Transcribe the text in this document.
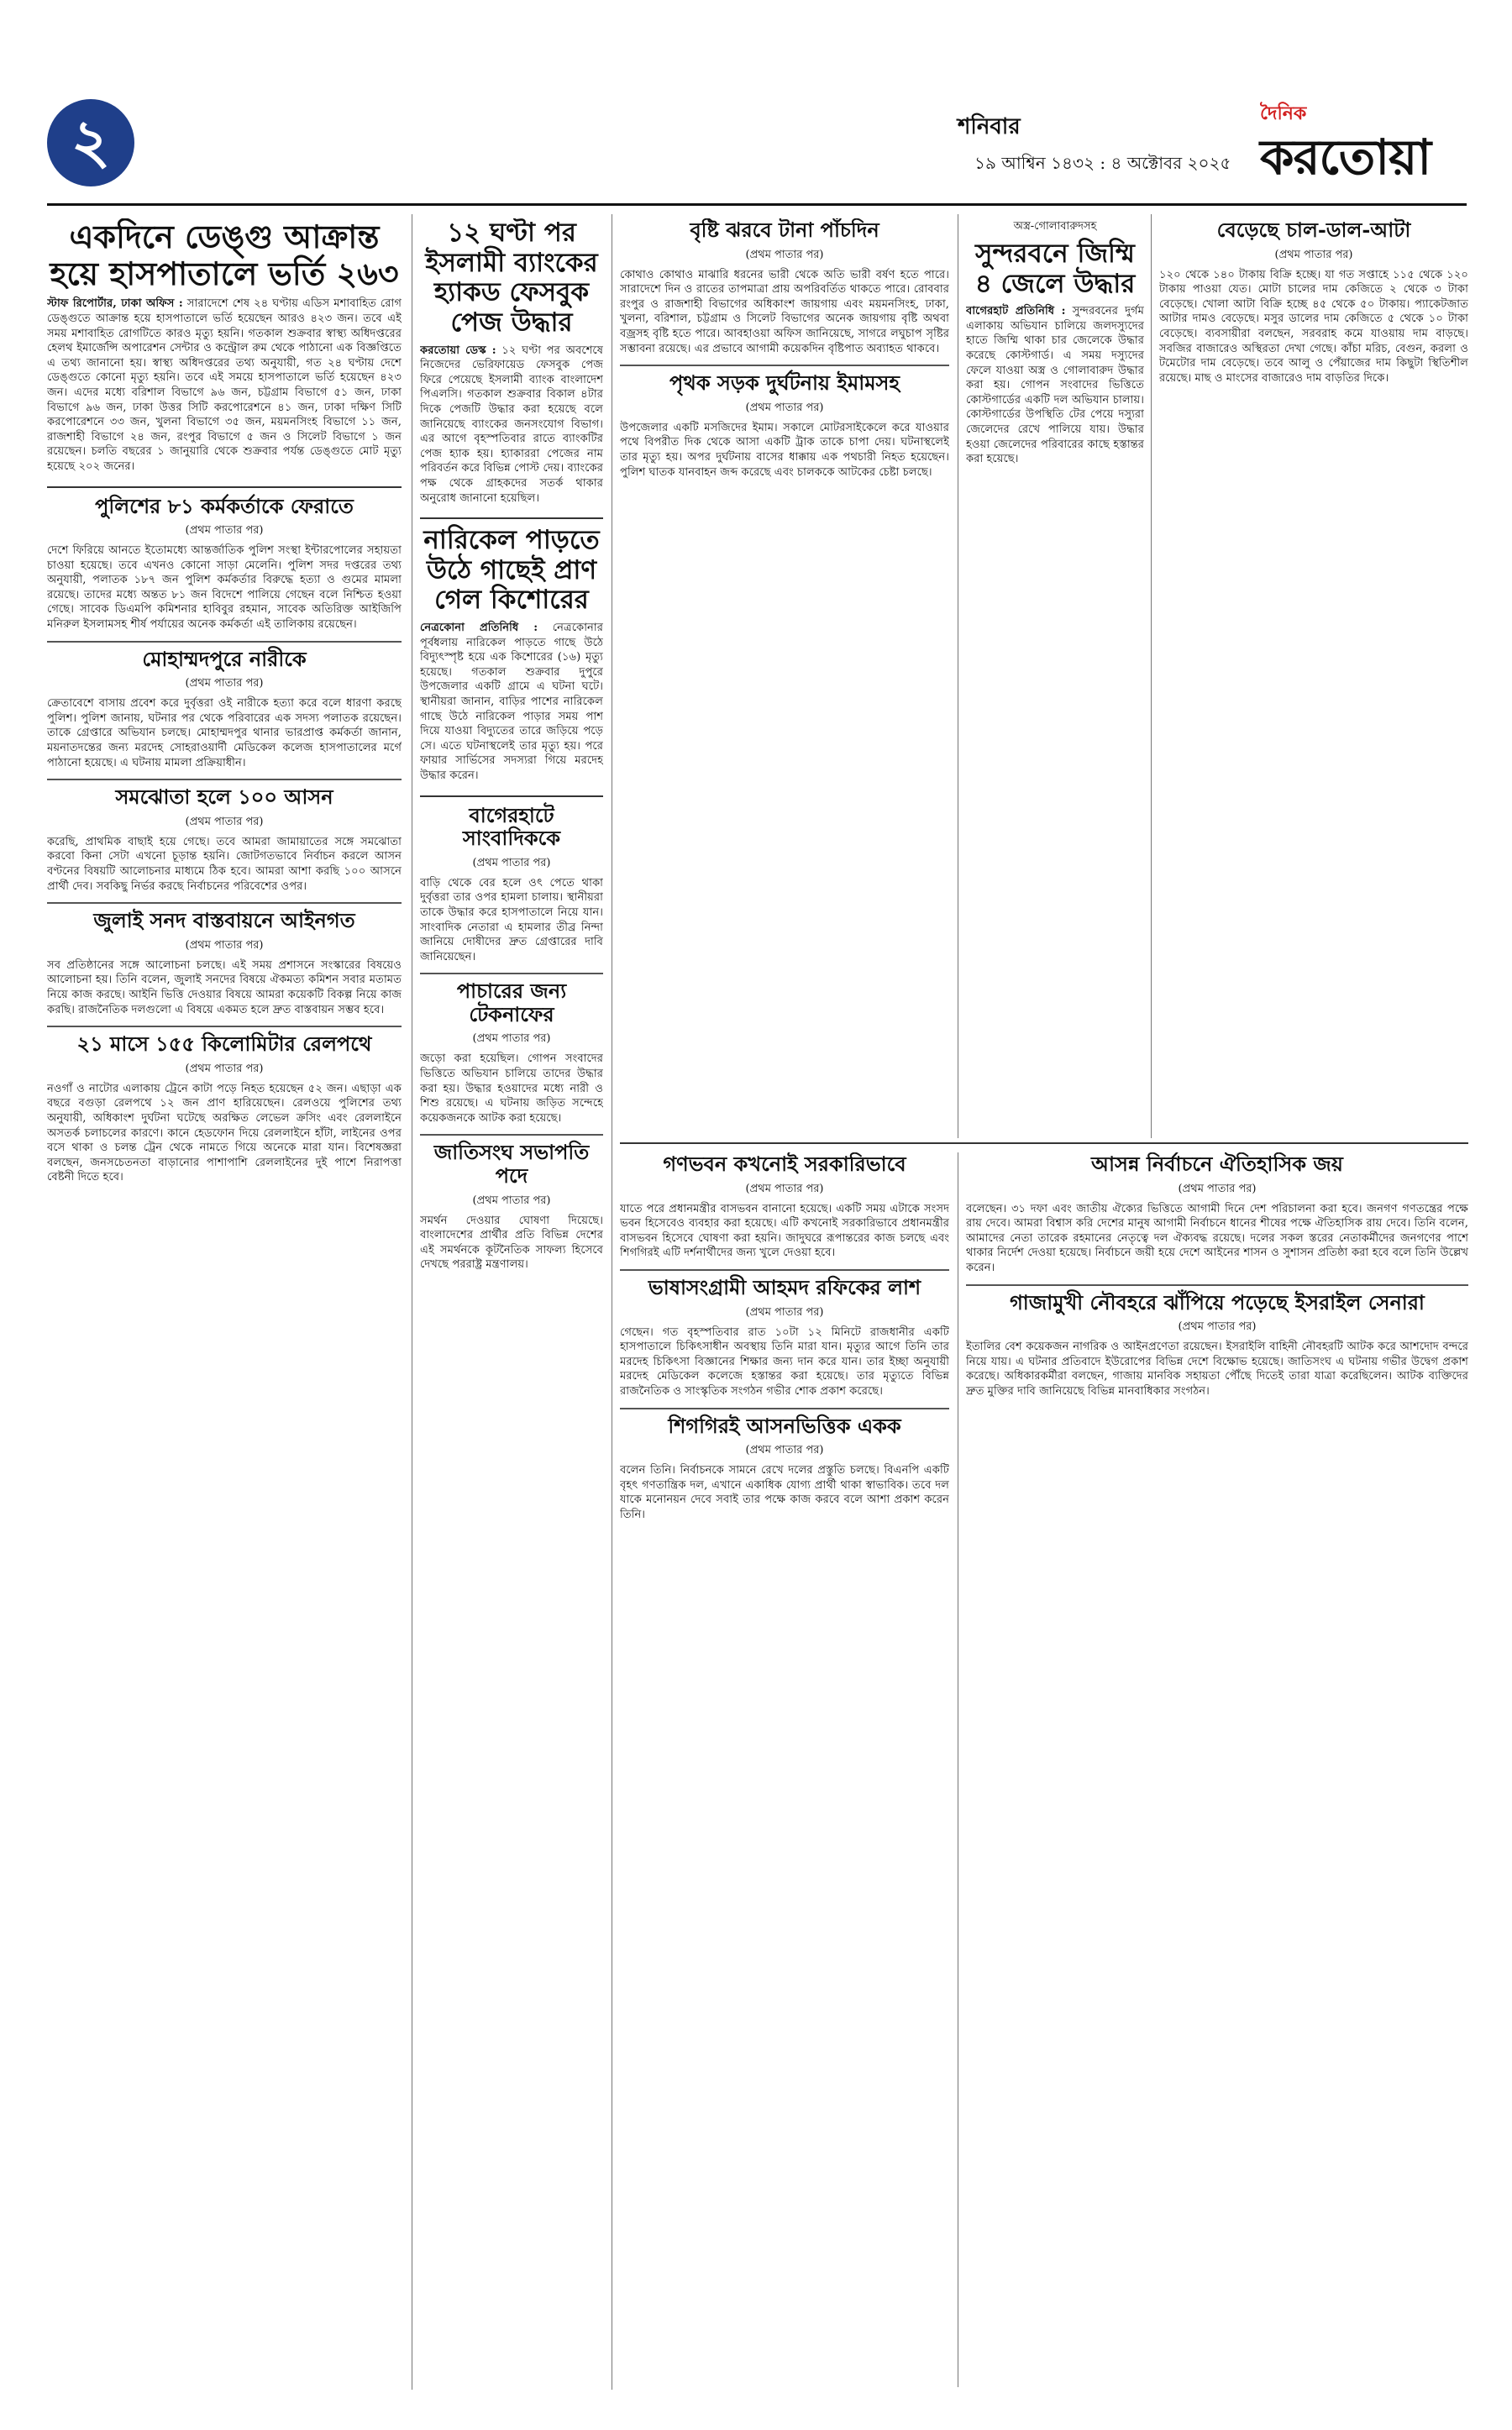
২	শনিবার
১৯ আশ্বিন ১৪৩২ : ৪ অক্টোবর ২০২৫
দৈনিক
করতোয়া
একদিনে ডেঙ্গু আক্রান্ত হয়ে হাসপাতালে ভর্তি ২৬৩
স্টাফ রিপোর্টার, ঢাকা অফিস : সারাদেশে শেষ ২৪ ঘণ্টায় এডিস মশাবাহিত রোগ ডেঙ্গুতে আক্রান্ত হয়ে হাসপাতালে ভর্তি হয়েছেন আরও ৪২৩ জন। তবে এই সময় মশাবাহিত রোগটিতে কারও মৃত্যু হয়নি। গতকাল শুক্রবার স্বাস্থ্য অধিদপ্তরের হেলথ ইমার্জেন্সি অপারেশন সেন্টার ও কন্ট্রোল রুম থেকে পাঠানো এক বিজ্ঞপ্তিতে এ তথ্য জানানো হয়। স্বাস্থ্য অধিদপ্তরের তথ্য অনুযায়ী, গত ২৪ ঘণ্টায় দেশে ডেঙ্গুতে কোনো মৃত্যু হয়নি। তবে এই সময়ে হাসপাতালে ভর্তি হয়েছেন ৪২৩ জন। এদের মধ্যে বরিশাল বিভাগে ৯৬ জন, চট্টগ্রাম বিভাগে ৫১ জন, ঢাকা বিভাগে ৯৬ জন, ঢাকা উত্তর সিটি করপোরেশনে ৪১ জন, ঢাকা দক্ষিণ সিটি করপোরেশনে ৩৩ জন, খুলনা বিভাগে ৩৫ জন, ময়মনসিংহ বিভাগে ১১ জন, রাজশাহী বিভাগে ২৪ জন, রংপুর বিভাগে ৫ জন ও সিলেট বিভাগে ১ জন রয়েছেন। চলতি বছরের ১ জানুয়ারি থেকে শুক্রবার পর্যন্ত ডেঙ্গুতে মোট মৃত্যু হয়েছে ২০২ জনের।
পুলিশের ৮১ কর্মকর্তাকে ফেরাতে
(প্রথম পাতার পর)
দেশে ফিরিয়ে আনতে ইতোমধ্যে আন্তর্জাতিক পুলিশ সংস্থা ইন্টারপোলের সহায়তা চাওয়া হয়েছে। তবে এখনও কোনো সাড়া মেলেনি। পুলিশ সদর দপ্তরের তথ্য অনুযায়ী, পলাতক ১৮৭ জন পুলিশ কর্মকর্তার বিরুদ্ধে হত্যা ও গুমের মামলা রয়েছে। তাদের মধ্যে অন্তত ৮১ জন বিদেশে পালিয়ে গেছেন বলে নিশ্চিত হওয়া গেছে। সাবেক ডিএমপি কমিশনার হাবিবুর রহমান, সাবেক অতিরিক্ত আইজিপি মনিরুল ইসলামসহ শীর্ষ পর্যায়ের অনেক কর্মকর্তা এই তালিকায় রয়েছেন।
মোহাম্মদপুরে নারীকে
(প্রথম পাতার পর)
ক্রেতাবেশে বাসায় প্রবেশ করে দুর্বৃত্তরা ওই নারীকে হত্যা করে বলে ধারণা করছে পুলিশ। পুলিশ জানায়, ঘটনার পর থেকে পরিবারের এক সদস্য পলাতক রয়েছেন। তাকে গ্রেপ্তারে অভিযান চলছে। মোহাম্মদপুর থানার ভারপ্রাপ্ত কর্মকর্তা জানান, ময়নাতদন্তের জন্য মরদেহ সোহরাওয়ার্দী মেডিকেল কলেজ হাসপাতালের মর্গে পাঠানো হয়েছে। এ ঘটনায় মামলা প্রক্রিয়াধীন।
সমঝোতা হলে ১০০ আসন
(প্রথম পাতার পর)
করেছি, প্রাথমিক বাছাই হয়ে গেছে। তবে আমরা জামায়াতের সঙ্গে সমঝোতা করবো কিনা সেটা এখনো চূড়ান্ত হয়নি। জোটগতভাবে নির্বাচন করলে আসন বণ্টনের বিষয়টি আলোচনার মাধ্যমে ঠিক হবে। আমরা আশা করছি ১০০ আসনে প্রার্থী দেব। সবকিছু নির্ভর করছে নির্বাচনের পরিবেশের ওপর।
জুলাই সনদ বাস্তবায়নে আইনগত
(প্রথম পাতার পর)
সব প্রতিষ্ঠানের সঙ্গে আলোচনা চলছে। এই সময় প্রশাসনে সংস্কারের বিষয়েও আলোচনা হয়। তিনি বলেন, জুলাই সনদের বিষয়ে ঐকমত্য কমিশন সবার মতামত নিয়ে কাজ করছে। আইনি ভিত্তি দেওয়ার বিষয়ে আমরা কয়েকটি বিকল্প নিয়ে কাজ করছি। রাজনৈতিক দলগুলো এ বিষয়ে একমত হলে দ্রুত বাস্তবায়ন সম্ভব হবে।
২১ মাসে ১৫৫ কিলোমিটার রেলপথে
(প্রথম পাতার পর)
নওগাঁ ও নাটোর এলাকায় ট্রেনে কাটা পড়ে নিহত হয়েছেন ৫২ জন। এছাড়া এক বছরে বগুড়া রেলপথে ১২ জন প্রাণ হারিয়েছেন। রেলওয়ে পুলিশের তথ্য অনুযায়ী, অধিকাংশ দুর্ঘটনা ঘটেছে অরক্ষিত লেভেল ক্রসিং এবং রেললাইনে অসতর্ক চলাচলের কারণে। কানে হেডফোন দিয়ে রেললাইনে হাঁটা, লাইনের ওপর বসে থাকা ও চলন্ত ট্রেন থেকে নামতে গিয়ে অনেকে মারা যান। বিশেষজ্ঞরা বলছেন, জনসচেতনতা বাড়ানোর পাশাপাশি রেললাইনের দুই পাশে নিরাপত্তা বেষ্টনী দিতে হবে।
১২ ঘণ্টা পর ইসলামী ব্যাংকের হ্যাকড ফেসবুক পেজ উদ্ধার
করতোয়া ডেস্ক : ১২ ঘণ্টা পর অবশেষে নিজেদের ভেরিফায়েড ফেসবুক পেজ ফিরে পেয়েছে ইসলামী ব্যাংক বাংলাদেশ পিএলসি। গতকাল শুক্রবার বিকাল ৪টার দিকে পেজটি উদ্ধার করা হয়েছে বলে জানিয়েছে ব্যাংকের জনসংযোগ বিভাগ। এর আগে বৃহস্পতিবার রাতে ব্যাংকটির পেজ হ্যাক হয়। হ্যাকাররা পেজের নাম পরিবর্তন করে বিভিন্ন পোস্ট দেয়। ব্যাংকের পক্ষ থেকে গ্রাহকদের সতর্ক থাকার অনুরোধ জানানো হয়েছিল।
নারিকেল পাড়তে উঠে গাছেই প্রাণ গেল কিশোরের
নেত্রকোনা প্রতিনিধি : নেত্রকোনার পূর্বধলায় নারিকেল পাড়তে গাছে উঠে বিদ্যুৎস্পৃষ্ট হয়ে এক কিশোরের (১৬) মৃত্যু হয়েছে। গতকাল শুক্রবার দুপুরে উপজেলার একটি গ্রামে এ ঘটনা ঘটে। স্থানীয়রা জানান, বাড়ির পাশের নারিকেল গাছে উঠে নারিকেল পাড়ার সময় পাশ দিয়ে যাওয়া বিদ্যুতের তারে জড়িয়ে পড়ে সে। এতে ঘটনাস্থলেই তার মৃত্যু হয়। পরে ফায়ার সার্ভিসের সদস্যরা গিয়ে মরদেহ উদ্ধার করেন।
বাগেরহাটে সাংবাদিককে
(প্রথম পাতার পর)
বাড়ি থেকে বের হলে ওৎ পেতে থাকা দুর্বৃত্তরা তার ওপর হামলা চালায়। স্থানীয়রা তাকে উদ্ধার করে হাসপাতালে নিয়ে যান। সাংবাদিক নেতারা এ হামলার তীব্র নিন্দা জানিয়ে দোষীদের দ্রুত গ্রেপ্তারের দাবি জানিয়েছেন।
পাচারের জন্য টেকনাফের
(প্রথম পাতার পর)
জড়ো করা হয়েছিল। গোপন সংবাদের ভিত্তিতে অভিযান চালিয়ে তাদের উদ্ধার করা হয়। উদ্ধার হওয়াদের মধ্যে নারী ও শিশু রয়েছে। এ ঘটনায় জড়িত সন্দেহে কয়েকজনকে আটক করা হয়েছে।
জাতিসংঘ সভাপতি পদে
(প্রথম পাতার পর)
সমর্থন দেওয়ার ঘোষণা দিয়েছে। বাংলাদেশের প্রার্থীর প্রতি বিভিন্ন দেশের এই সমর্থনকে কূটনৈতিক সাফল্য হিসেবে দেখছে পররাষ্ট্র মন্ত্রণালয়।
বৃষ্টি ঝরবে টানা পাঁচদিন
(প্রথম পাতার পর)
কোথাও কোথাও মাঝারি ধরনের ভারী থেকে অতি ভারী বর্ষণ হতে পারে। সারাদেশে দিন ও রাতের তাপমাত্রা প্রায় অপরিবর্তিত থাকতে পারে। রোববার রংপুর ও রাজশাহী বিভাগের অধিকাংশ জায়গায় এবং ময়মনসিংহ, ঢাকা, খুলনা, বরিশাল, চট্টগ্রাম ও সিলেট বিভাগের অনেক জায়গায় বৃষ্টি অথবা বজ্রসহ বৃষ্টি হতে পারে। আবহাওয়া অফিস জানিয়েছে, সাগরে লঘুচাপ সৃষ্টির সম্ভাবনা রয়েছে। এর প্রভাবে আগামী কয়েকদিন বৃষ্টিপাত অব্যাহত থাকবে।
পৃথক সড়ক দুর্ঘটনায় ইমামসহ
(প্রথম পাতার পর)
উপজেলার একটি মসজিদের ইমাম। সকালে মোটরসাইকেলে করে যাওয়ার পথে বিপরীত দিক থেকে আসা একটি ট্রাক তাকে চাপা দেয়। ঘটনাস্থলেই তার মৃত্যু হয়। অপর দুর্ঘটনায় বাসের ধাক্কায় এক পথচারী নিহত হয়েছেন। পুলিশ ঘাতক যানবাহন জব্দ করেছে এবং চালককে আটকের চেষ্টা চলছে।
অস্ত্র-গোলাবারুদসহ
সুন্দরবনে জিম্মি ৪ জেলে উদ্ধার
বাগেরহাট প্রতিনিধি : সুন্দরবনের দুর্গম এলাকায় অভিযান চালিয়ে জলদস্যুদের হাতে জিম্মি থাকা চার জেলেকে উদ্ধার করেছে কোস্টগার্ড। এ সময় দস্যুদের ফেলে যাওয়া অস্ত্র ও গোলাবারুদ উদ্ধার করা হয়। গোপন সংবাদের ভিত্তিতে কোস্টগার্ডের একটি দল অভিযান চালায়। কোস্টগার্ডের উপস্থিতি টের পেয়ে দস্যুরা জেলেদের রেখে পালিয়ে যায়। উদ্ধার হওয়া জেলেদের পরিবারের কাছে হস্তান্তর করা হয়েছে।
বেড়েছে চাল-ডাল-আটা
(প্রথম পাতার পর)
১২০ থেকে ১৪০ টাকায় বিক্রি হচ্ছে। যা গত সপ্তাহে ১১৫ থেকে ১২০ টাকায় পাওয়া যেত। মোটা চালের দাম কেজিতে ২ থেকে ৩ টাকা বেড়েছে। খোলা আটা বিক্রি হচ্ছে ৪৫ থেকে ৫০ টাকায়। প্যাকেটজাত আটার দামও বেড়েছে। মসুর ডালের দাম কেজিতে ৫ থেকে ১০ টাকা বেড়েছে। ব্যবসায়ীরা বলছেন, সরবরাহ কমে যাওয়ায় দাম বাড়ছে। সবজির বাজারেও অস্থিরতা দেখা গেছে। কাঁচা মরিচ, বেগুন, করলা ও টমেটোর দাম বেড়েছে। তবে আলু ও পেঁয়াজের দাম কিছুটা স্থিতিশীল রয়েছে। মাছ ও মাংসের বাজারেও দাম বাড়তির দিকে।
গণভবন কখনোই সরকারিভাবে
(প্রথম পাতার পর)
যাতে পরে প্রধানমন্ত্রীর বাসভবন বানানো হয়েছে। একটি সময় এটাকে সংসদ ভবন হিসেবেও ব্যবহার করা হয়েছে। এটি কখনোই সরকারিভাবে প্রধানমন্ত্রীর বাসভবন হিসেবে ঘোষণা করা হয়নি। জাদুঘরে রূপান্তরের কাজ চলছে এবং শিগগিরই এটি দর্শনার্থীদের জন্য খুলে দেওয়া হবে।
ভাষাসংগ্রামী আহমদ রফিকের লাশ
(প্রথম পাতার পর)
গেছেন। গত বৃহস্পতিবার রাত ১০টা ১২ মিনিটে রাজধানীর একটি হাসপাতালে চিকিৎসাধীন অবস্থায় তিনি মারা যান। মৃত্যুর আগে তিনি তার মরদেহ চিকিৎসা বিজ্ঞানের শিক্ষার জন্য দান করে যান। তার ইচ্ছা অনুযায়ী মরদেহ মেডিকেল কলেজে হস্তান্তর করা হয়েছে। তার মৃত্যুতে বিভিন্ন রাজনৈতিক ও সাংস্কৃতিক সংগঠন গভীর শোক প্রকাশ করেছে।
শিগগিরই আসনভিত্তিক একক
(প্রথম পাতার পর)
বলেন তিনি। নির্বাচনকে সামনে রেখে দলের প্রস্তুতি চলছে। বিএনপি একটি বৃহৎ গণতান্ত্রিক দল, এখানে একাধিক যোগ্য প্রার্থী থাকা স্বাভাবিক। তবে দল যাকে মনোনয়ন দেবে সবাই তার পক্ষে কাজ করবে বলে আশা প্রকাশ করেন তিনি।
আসন্ন নির্বাচনে ঐতিহাসিক জয়
(প্রথম পাতার পর)
বলেছেন। ৩১ দফা এবং জাতীয় ঐক্যের ভিত্তিতে আগামী দিনে দেশ পরিচালনা করা হবে। জনগণ গণতন্ত্রের পক্ষে রায় দেবে। আমরা বিশ্বাস করি দেশের মানুষ আগামী নির্বাচনে ধানের শীষের পক্ষে ঐতিহাসিক রায় দেবে। তিনি বলেন, আমাদের নেতা তারেক রহমানের নেতৃত্বে দল ঐক্যবদ্ধ রয়েছে। দলের সকল স্তরের নেতাকর্মীদের জনগণের পাশে থাকার নির্দেশ দেওয়া হয়েছে। নির্বাচনে জয়ী হয়ে দেশে আইনের শাসন ও সুশাসন প্রতিষ্ঠা করা হবে বলে তিনি উল্লেখ করেন।
গাজামুখী নৌবহরে ঝাঁপিয়ে পড়েছে ইসরাইল সেনারা
(প্রথম পাতার পর)
ইতালির বেশ কয়েকজন নাগরিক ও আইনপ্রণেতা রয়েছেন। ইসরাইলি বাহিনী নৌবহরটি আটক করে আশদোদ বন্দরে নিয়ে যায়। এ ঘটনার প্রতিবাদে ইউরোপের বিভিন্ন দেশে বিক্ষোভ হয়েছে। জাতিসংঘ এ ঘটনায় গভীর উদ্বেগ প্রকাশ করেছে। অধিকারকর্মীরা বলছেন, গাজায় মানবিক সহায়তা পৌঁছে দিতেই তারা যাত্রা করেছিলেন। আটক ব্যক্তিদের দ্রুত মুক্তির দাবি জানিয়েছে বিভিন্ন মানবাধিকার সংগঠন।
